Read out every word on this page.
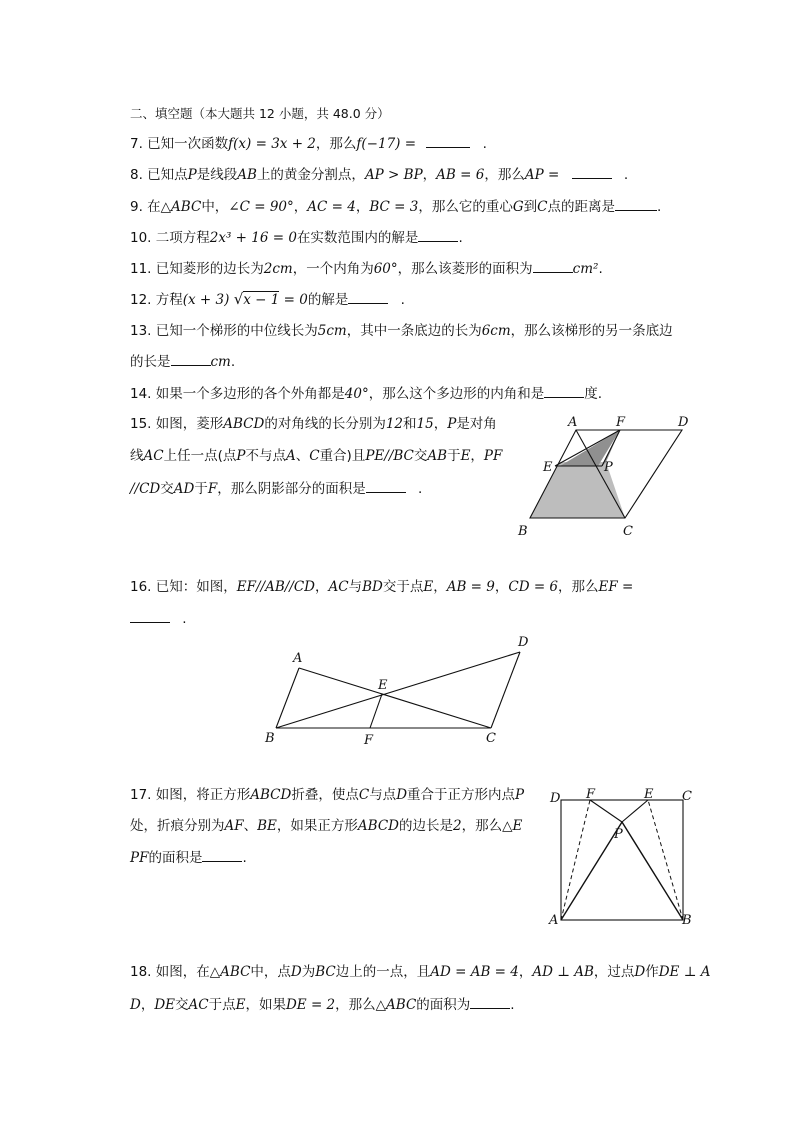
二、填空题（本大题共 12 小题，共 48.0 分）
7. 已知一次函数f(x) = 3x + 2，那么f(−17) =	.
8. 已知点P是线段AB上的黄金分割点，AP > BP，AB = 6，那么AP =	.
9. 在△ABC中，∠C = 90°，AC = 4，BC = 3，那么它的重心G到C点的距离是	.
10. 二项方程2x³ + 16 = 0在实数范围内的解是	.
11. 已知菱形的边长为2cm，一个内角为60°，那么该菱形的面积为	cm².
12. 方程(x + 3) √x − 1 = 0的解是	.
13. 已知一个梯形的中位线长为5cm，其中一条底边的长为6cm，那么该梯形的另一条底边
的长是	cm.
14. 如果一个多边形的各个外角都是40°，那么这个多边形的内角和是	度.
15. 如图，菱形ABCD的对角线的长分别为12和15，P是对角
线AC上任一点(点P不与点A、C重合)且PE//BC交AB于E，PF
//CD交AD于F，那么阴影部分的面积是	.
A	F	D
E	P
B	C
16. 已知：如图，EF//AB//CD，AC与BD交于点E，AB = 9，CD = 6，那么EF =
.
A
D
E
B	F	C
17. 如图，将正方形ABCD折叠，使点C与点D重合于正方形内点P
处，折痕分别为AF、BE，如果正方形ABCD的边长是2，那么△E
PF的面积是	.
D F	E C
P
A	B
18. 如图，在△ABC中，点D为BC边上的一点，且AD = AB = 4，AD ⊥ AB，过点D作DE ⊥ A
D，DE交AC于点E，如果DE = 2，那么△ABC的面积为	.
